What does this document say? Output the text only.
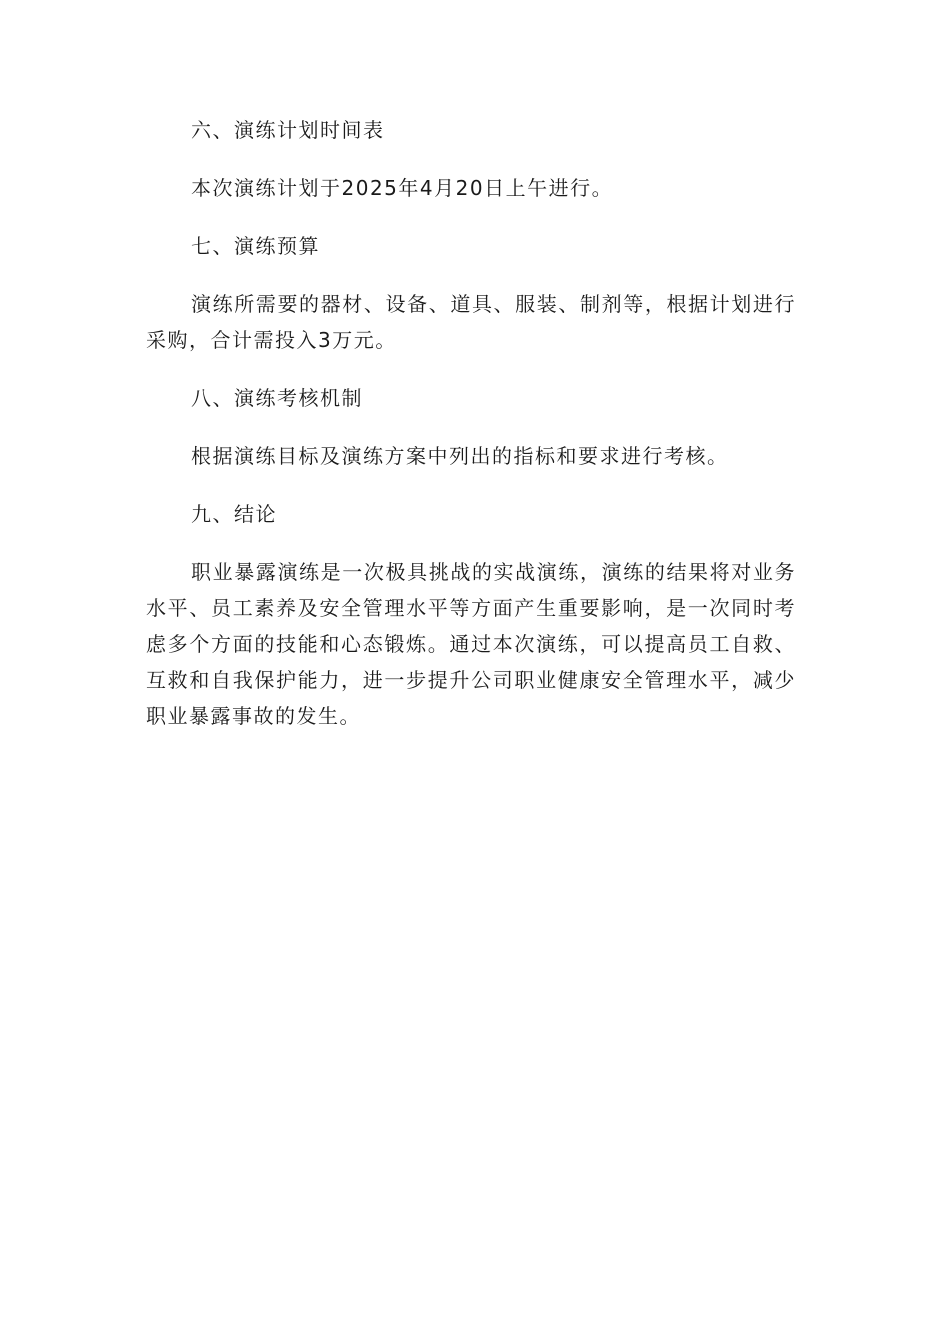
六、演练计划时间表

本次演练计划于2025年4月20日上午进行。

七、演练预算

演练所需要的器材、设备、道具、服装、制剂等，根据计划进行采购，合计需投入3万元。

八、演练考核机制

根据演练目标及演练方案中列出的指标和要求进行考核。

九、结论

职业暴露演练是一次极具挑战的实战演练，演练的结果将对业务水平、员工素养及安全管理水平等方面产生重要影响，是一次同时考虑多个方面的技能和心态锻炼。通过本次演练，可以提高员工自救、互救和自我保护能力，进一步提升公司职业健康安全管理水平，减少职业暴露事故的发生。
